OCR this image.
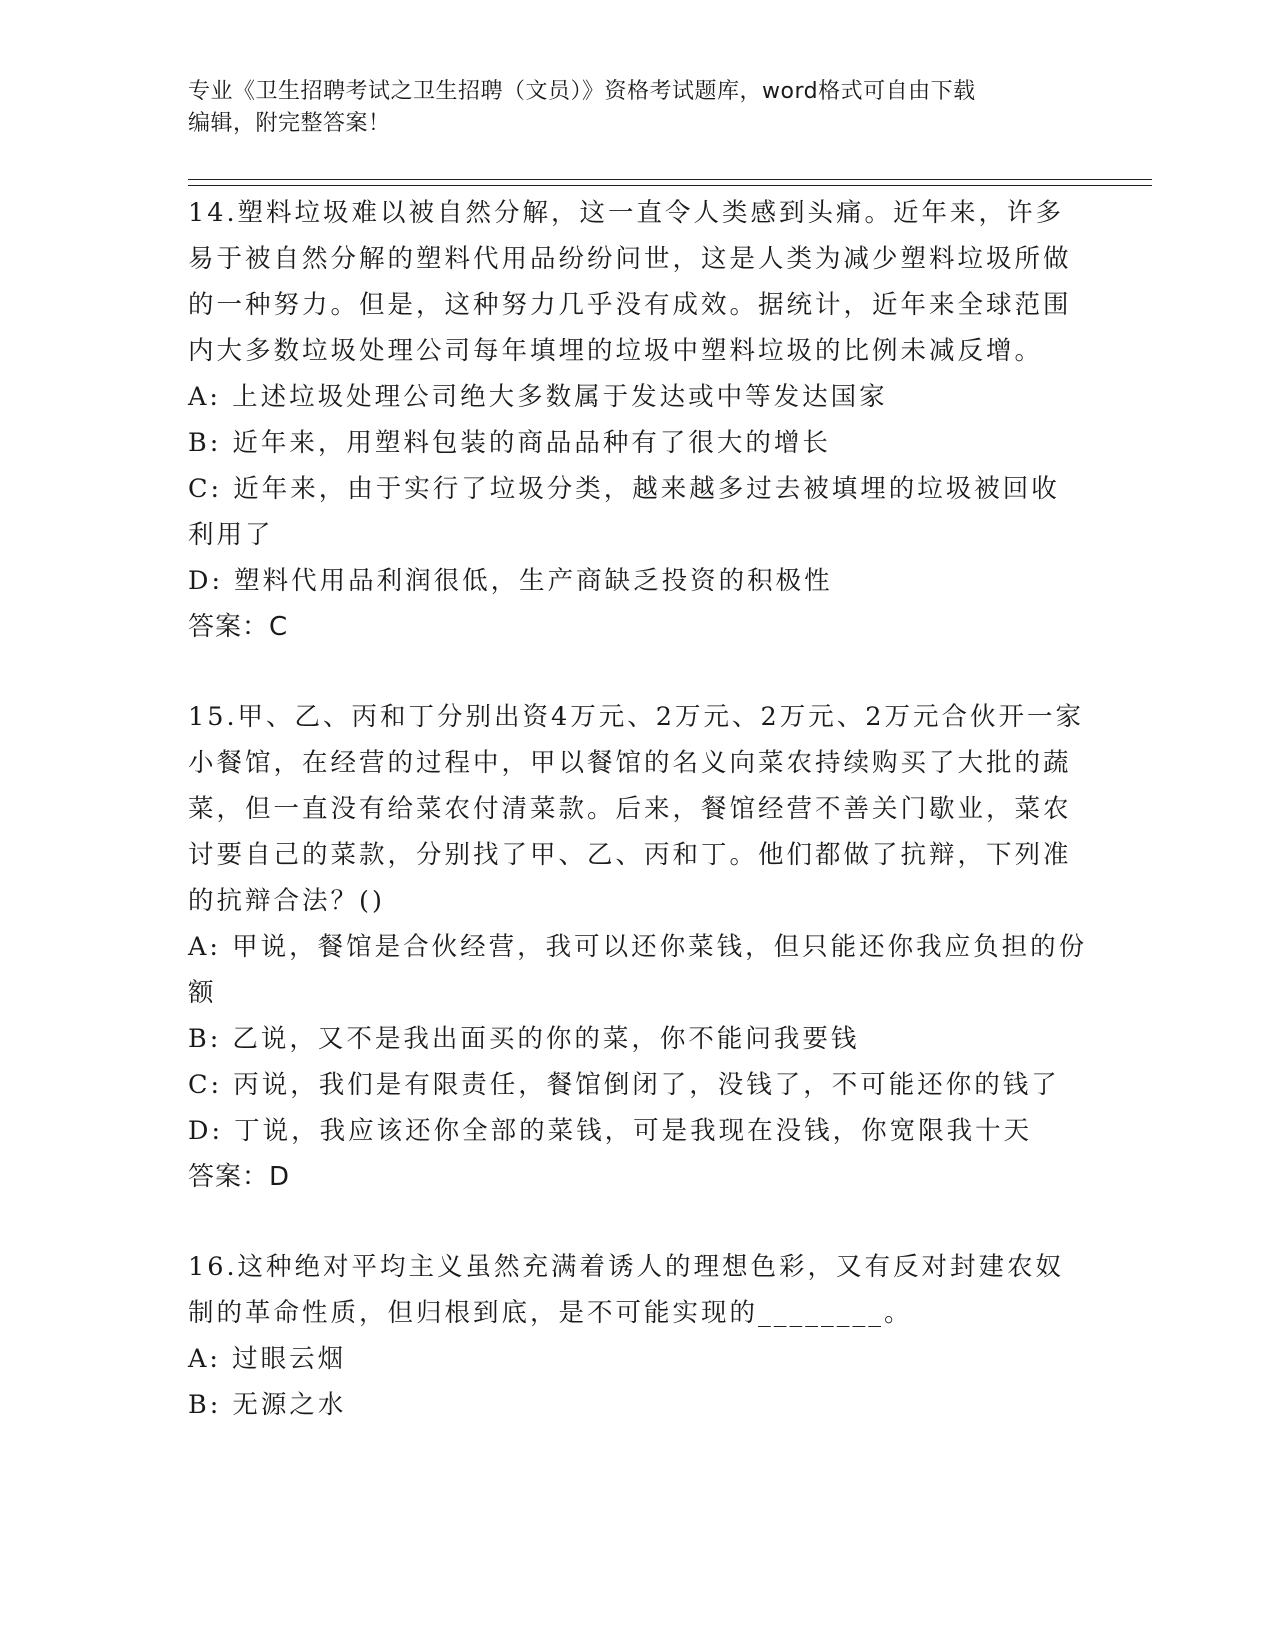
专业《卫生招聘考试之卫生招聘（文员）》资格考试题库，word格式可自由下载
编辑，附完整答案！

14.塑料垃圾难以被自然分解，这一直令人类感到头痛。近年来，许多易于被自然分解的塑料代用品纷纷问世，这是人类为减少塑料垃圾所做的一种努力。但是，这种努力几乎没有成效。据统计，近年来全球范围内大多数垃圾处理公司每年填埋的垃圾中塑料垃圾的比例未减反增。

A: 上述垃圾处理公司绝大多数属于发达或中等发达国家

B: 近年来，用塑料包装的商品品种有了很大的增长

C: 近年来，由于实行了垃圾分类，越来越多过去被填埋的垃圾被回收利用了

D: 塑料代用品利润很低，生产商缺乏投资的积极性

答案：C

15.甲、乙、丙和丁分别出资4万元、2万元、2万元、2万元合伙开一家小餐馆，在经营的过程中，甲以餐馆的名义向菜农持续购买了大批的蔬菜，但一直没有给菜农付清菜款。后来，餐馆经营不善关门歇业，菜农讨要自己的菜款，分别找了甲、乙、丙和丁。他们都做了抗辩，下列准的抗辩合法？()

A: 甲说，餐馆是合伙经营，我可以还你菜钱，但只能还你我应负担的份额

B: 乙说，又不是我出面买的你的菜，你不能问我要钱

C: 丙说，我们是有限责任，餐馆倒闭了，没钱了，不可能还你的钱了

D: 丁说，我应该还你全部的菜钱，可是我现在没钱，你宽限我十天

答案：D

16.这种绝对平均主义虽然充满着诱人的理想色彩，又有反对封建农奴制的革命性质，但归根到底，是不可能实现的________。

A: 过眼云烟

B: 无源之水
